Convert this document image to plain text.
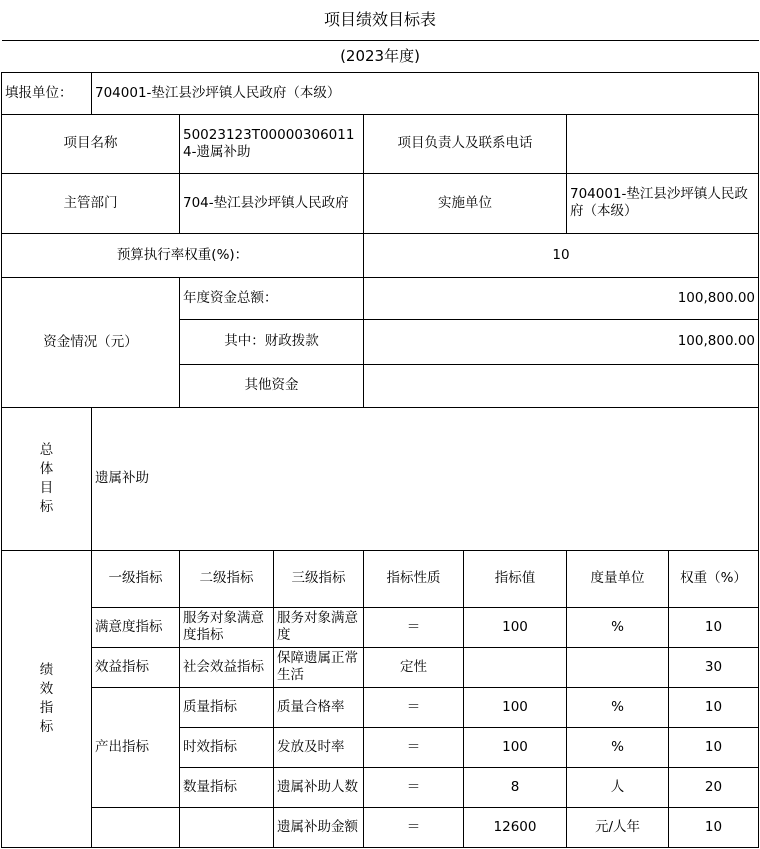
项目绩效目标表							
(2023年度)							
填报单位：	704001-垫江县沙坪镇人民政府（本级）						
项目名称		50023123T000003060114-遗属补助		项目负责人及联系电话			
主管部门		704-垫江县沙坪镇人民政府		实施单位		704001-垫江县沙坪镇人民政府（本级）	
预算执行率权重(%)：				10			
资金情况（元）		年度资金总额：		100,800.00			
		其中：财政拨款		100,800.00			
		其他资金					

总
体
目
标	遗属补助						

绩
效
指
标	一级指标	二级指标	三级指标	指标性质	指标值	度量单位	权重（%）
	满意度指标	服务对象满意度指标	服务对象满意度	＝	100	%	10
	效益指标	社会效益指标	保障遗属正常生活	定性			30
	产出指标	质量指标	质量合格率	＝	100	%	10
		时效指标	发放及时率	＝	100	%	10
		数量指标	遗属补助人数	＝	8	人	20
			遗属补助金额	＝	12600	元/人年	10
